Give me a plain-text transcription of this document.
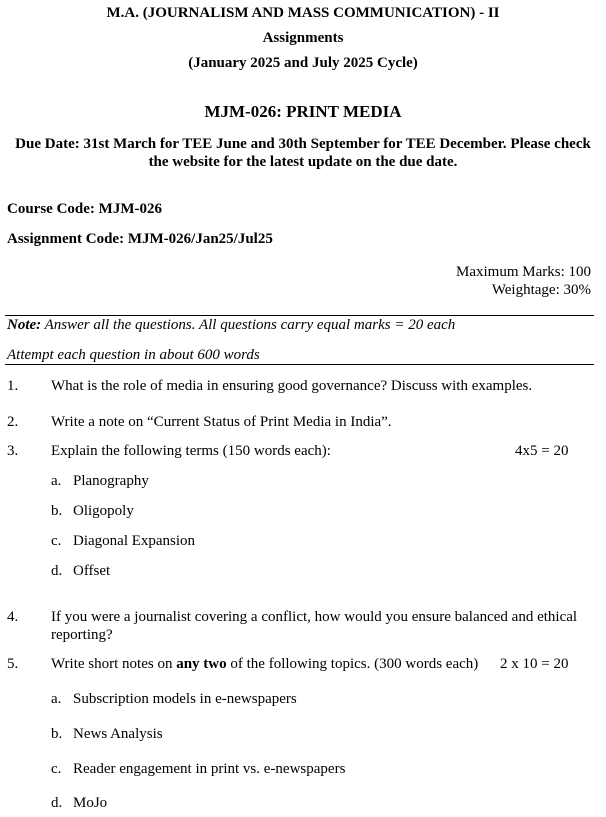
M.A. (JOURNALISM AND MASS COMMUNICATION) - II
Assignments
(January 2025 and July 2025 Cycle)
MJM-026: PRINT MEDIA
Due Date: 31st March for TEE June and 30th September for TEE December. Please check
the website for the latest update on the due date.
Course Code: MJM-026
Assignment Code: MJM-026/Jan25/Jul25
Maximum Marks: 100
Weightage: 30%
Note: Answer all the questions. All questions carry equal marks = 20 each
Attempt each question in about 600 words
1. What is the role of media in ensuring good governance? Discuss with examples.
2. Write a note on “Current Status of Print Media in India”.
3. Explain the following terms (150 words each):	4x5 = 20
a. Planography
b. Oligopoly
c. Diagonal Expansion
d. Offset
4. If you were a journalist covering a conflict, how would you ensure balanced and ethical
reporting?
5. Write short notes on any two of the following topics. (300 words each) 2 x 10 = 20
a. Subscription models in e-newspapers
b. News Analysis
c. Reader engagement in print vs. e-newspapers
d. MoJo
